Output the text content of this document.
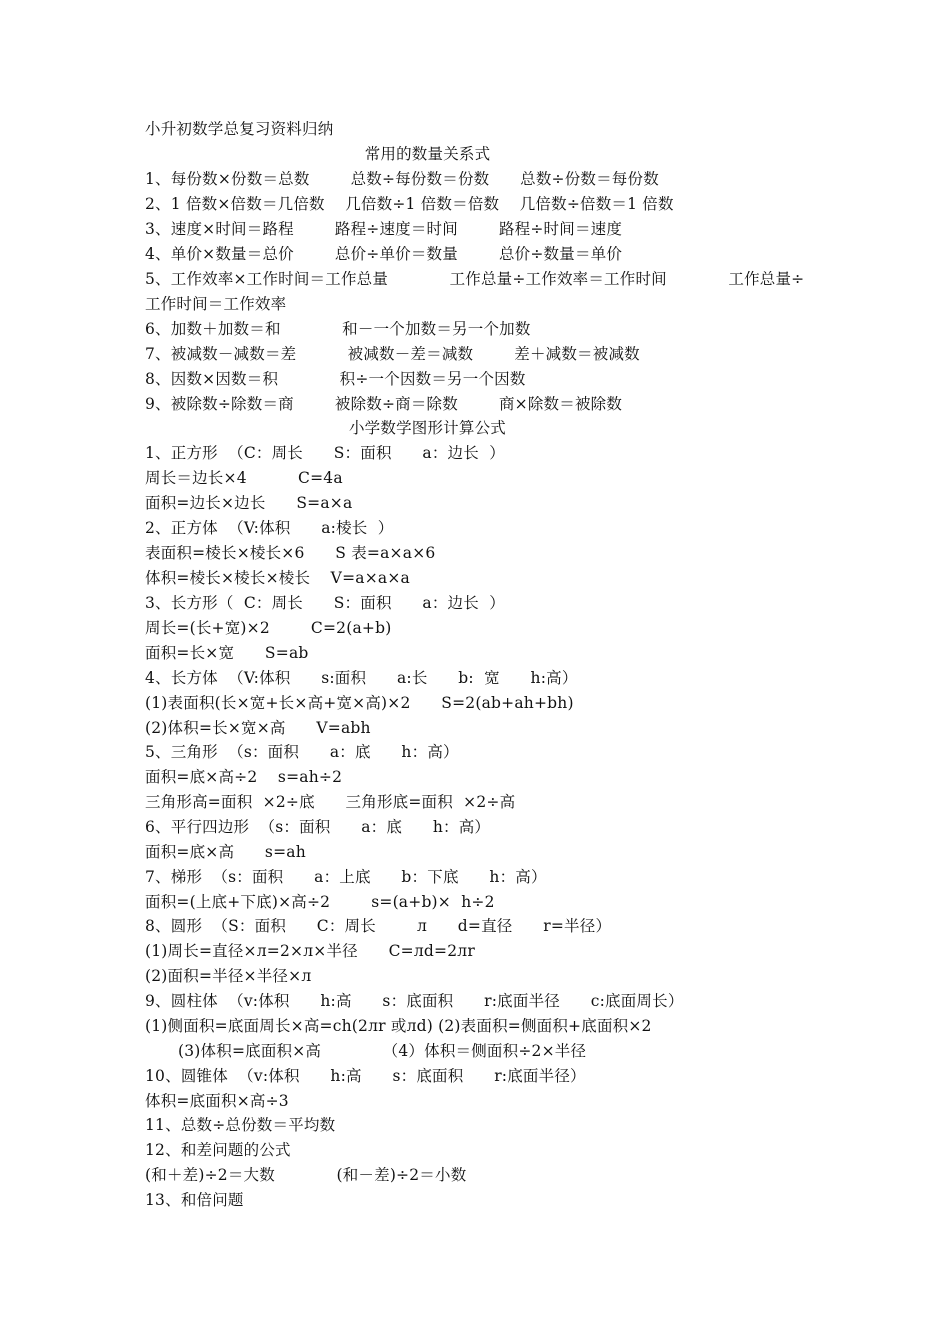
小升初数学总复习资料归纳
常用的数量关系式
1、每份数×份数＝总数        总数÷每份数＝份数      总数÷份数＝每份数
2、1 倍数×倍数＝几倍数    几倍数÷1 倍数＝倍数    几倍数÷倍数＝1 倍数
3、速度×时间＝路程        路程÷速度＝时间        路程÷时间＝速度
4、单价×数量＝总价        总价÷单价＝数量        总价÷数量＝单价
5、工作效率×工作时间＝工作总量            工作总量÷工作效率＝工作时间            工作总量÷
工作时间＝工作效率
6、加数＋加数＝和            和－一个加数＝另一个加数
7、被减数－减数＝差          被减数－差＝减数        差＋减数＝被减数
8、因数×因数＝积            积÷一个因数＝另一个因数
9、被除数÷除数＝商        被除数÷商＝除数        商×除数＝被除数
小学数学图形计算公式
1、正方形  （C：周长      S：面积      a：边长  ）
周长＝边长×4          C=4a
面积=边长×边长      S=a×a
2、正方体  （V:体积      a:棱长  ）
表面积=棱长×棱长×6      S 表=a×a×6
体积=棱长×棱长×棱长    V=a×a×a
3、长方形（  C：周长      S：面积      a：边长  ）
周长=(长+宽)×2        C=2(a+b)
面积=长×宽      S=ab
4、长方体  （V:体积      s:面积      a:长      b:  宽      h:高）
(1)表面积(长×宽+长×高+宽×高)×2      S=2(ab+ah+bh)
(2)体积=长×宽×高      V=abh
5、三角形  （s：面积      a：底      h：高）
面积=底×高÷2    s=ah÷2
三角形高=面积  ×2÷底      三角形底=面积  ×2÷高
6、平行四边形  （s：面积      a：底      h：高）
面积=底×高      s=ah
7、梯形  （s：面积      a：上底      b：下底      h：高）
面积=(上底+下底)×高÷2        s=(a+b)×  h÷2
8、圆形  （S：面积      C：周长        л      d=直径      r=半径）
(1)周长=直径×л=2×л×半径      C=лd=2лr
(2)面积=半径×半径×л
9、圆柱体  （v:体积      h:高      s：底面积      r:底面半径      c:底面周长）
(1)侧面积=底面周长×高=ch(2лr 或лd) (2)表面积=侧面积+底面积×2
(3)体积=底面积×高            （4）体积＝侧面积÷2×半径
10、圆锥体  （v:体积      h:高      s：底面积      r:底面半径）
体积=底面积×高÷3
11、总数÷总份数＝平均数
12、和差问题的公式
(和＋差)÷2＝大数            (和－差)÷2＝小数
13、和倍问题
